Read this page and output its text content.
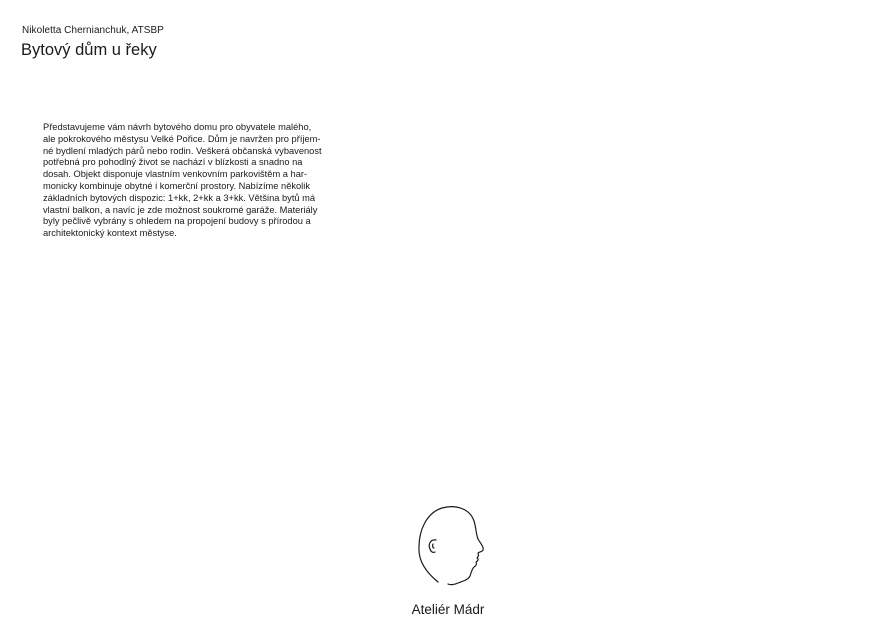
Nikoletta Chernianchuk, ATSBP
Bytový dům u řeky

Představujeme vám návrh bytového domu pro obyvatele malého,
ale pokrokového městysu Velké Pořice. Dům je navržen pro příjem-
né bydlení mladých párů nebo rodin. Veškerá občanská vybavenost
potřebná pro pohodlný život se nachází v blízkosti a snadno na
dosah. Objekt disponuje vlastním venkovním parkovištěm a har-
monicky kombinuje obytné i komerční prostory. Nabízíme několik
základních bytových dispozic: 1+kk, 2+kk a 3+kk. Většina bytů má
vlastní balkon, a navíc je zde možnost soukromé garáže. Materiály
byly pečlivě vybrány s ohledem na propojení budovy s přírodou a
architektonický kontext městyse.

Ateliér Mádr
